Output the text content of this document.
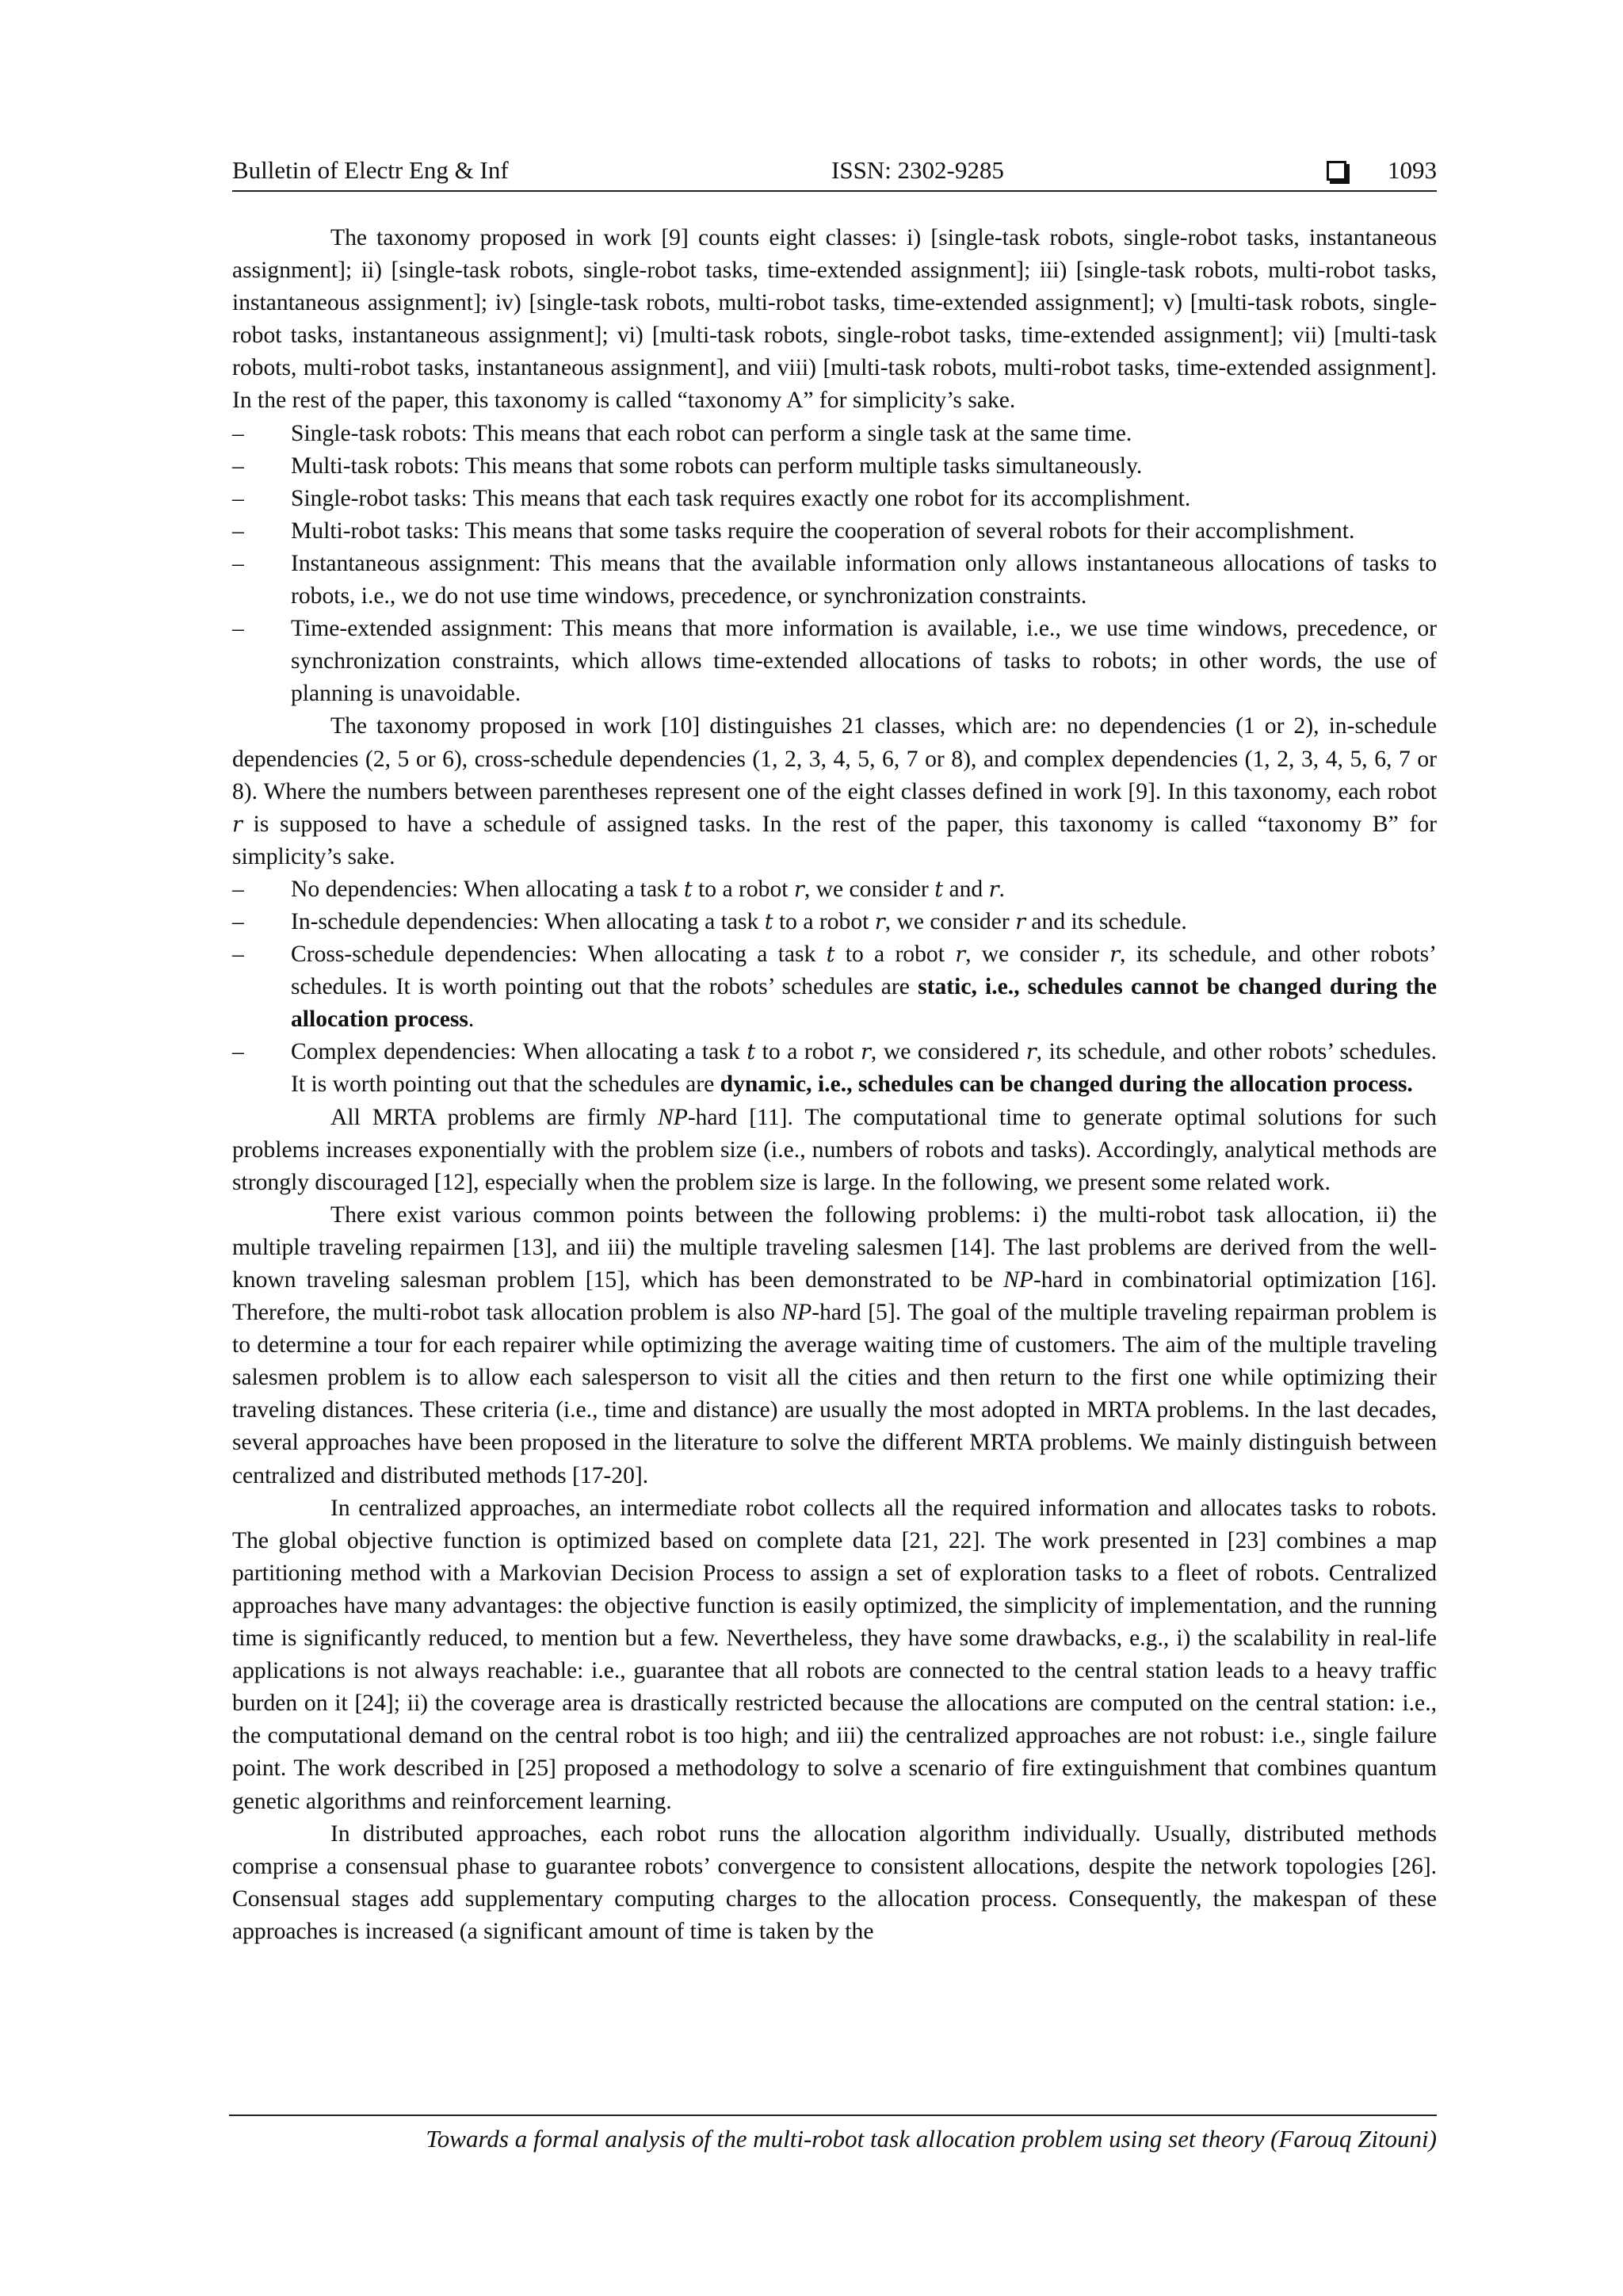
Bulletin of Electr Eng & Inf	ISSN: 2302-9285	1093

The taxonomy proposed in work [9] counts eight classes: i) [single-task robots, single-robot tasks, instantaneous assignment]; ii) [single-task robots, single-robot tasks, time-extended assignment]; iii) [single-task robots, multi-robot tasks, instantaneous assignment]; iv) [single-task robots, multi-robot tasks, time-extended assignment]; v) [multi-task robots, single-robot tasks, instantaneous assignment]; vi) [multi-task robots, single-robot tasks, time-extended assignment]; vii) [multi-task robots, multi-robot tasks, instantaneous assignment], and viii) [multi-task robots, multi-robot tasks, time-extended assignment]. In the rest of the paper, this taxonomy is called “taxonomy A” for simplicity’s sake.

– Single-task robots: This means that each robot can perform a single task at the same time.
– Multi-task robots: This means that some robots can perform multiple tasks simultaneously.
– Single-robot tasks: This means that each task requires exactly one robot for its accomplishment.
– Multi-robot tasks: This means that some tasks require the cooperation of several robots for their accomplishment.
– Instantaneous assignment: This means that the available information only allows instantaneous allocations of tasks to robots, i.e., we do not use time windows, precedence, or synchronization constraints.
– Time-extended assignment: This means that more information is available, i.e., we use time windows, precedence, or synchronization constraints, which allows time-extended allocations of tasks to robots; in other words, the use of planning is unavoidable.

The taxonomy proposed in work [10] distinguishes 21 classes, which are: no dependencies (1 or 2), in-schedule dependencies (2, 5 or 6), cross-schedule dependencies (1, 2, 3, 4, 5, 6, 7 or 8), and complex dependencies (1, 2, 3, 4, 5, 6, 7 or 8). Where the numbers between parentheses represent one of the eight classes defined in work [9]. In this taxonomy, each robot r is supposed to have a schedule of assigned tasks. In the rest of the paper, this taxonomy is called “taxonomy B” for simplicity’s sake.

– No dependencies: When allocating a task t to a robot r, we consider t and r.
– In-schedule dependencies: When allocating a task t to a robot r, we consider r and its schedule.
– Cross-schedule dependencies: When allocating a task t to a robot r, we consider r, its schedule, and other robots’ schedules. It is worth pointing out that the robots’ schedules are static, i.e., schedules cannot be changed during the allocation process.
– Complex dependencies: When allocating a task t to a robot r, we considered r, its schedule, and other robots’ schedules. It is worth pointing out that the schedules are dynamic, i.e., schedules can be changed during the allocation process.

All MRTA problems are firmly NP-hard [11]. The computational time to generate optimal solutions for such problems increases exponentially with the problem size (i.e., numbers of robots and tasks). Accordingly, analytical methods are strongly discouraged [12], especially when the problem size is large. In the following, we present some related work.

There exist various common points between the following problems: i) the multi-robot task allocation, ii) the multiple traveling repairmen [13], and iii) the multiple traveling salesmen [14]. The last problems are derived from the well-known traveling salesman problem [15], which has been demonstrated to be NP-hard in combinatorial optimization [16]. Therefore, the multi-robot task allocation problem is also NP-hard [5]. The goal of the multiple traveling repairman problem is to determine a tour for each repairer while optimizing the average waiting time of customers. The aim of the multiple traveling salesmen problem is to allow each salesperson to visit all the cities and then return to the first one while optimizing their traveling distances. These criteria (i.e., time and distance) are usually the most adopted in MRTA problems. In the last decades, several approaches have been proposed in the literature to solve the different MRTA problems. We mainly distinguish between centralized and distributed methods [17-20].

In centralized approaches, an intermediate robot collects all the required information and allocates tasks to robots. The global objective function is optimized based on complete data [21, 22]. The work presented in [23] combines a map partitioning method with a Markovian Decision Process to assign a set of exploration tasks to a fleet of robots. Centralized approaches have many advantages: the objective function is easily optimized, the simplicity of implementation, and the running time is significantly reduced, to mention but a few. Nevertheless, they have some drawbacks, e.g., i) the scalability in real-life applications is not always reachable: i.e., guarantee that all robots are connected to the central station leads to a heavy traffic burden on it [24]; ii) the coverage area is drastically restricted because the allocations are computed on the central station: i.e., the computational demand on the central robot is too high; and iii) the centralized approaches are not robust: i.e., single failure point. The work described in [25] proposed a methodology to solve a scenario of fire extinguishment that combines quantum genetic algorithms and reinforcement learning.

In distributed approaches, each robot runs the allocation algorithm individually. Usually, distributed methods comprise a consensual phase to guarantee robots’ convergence to consistent allocations, despite the network topologies [26]. Consensual stages add supplementary computing charges to the allocation process. Consequently, the makespan of these approaches is increased (a significant amount of time is taken by the

Towards a formal analysis of the multi-robot task allocation problem using set theory (Farouq Zitouni)
